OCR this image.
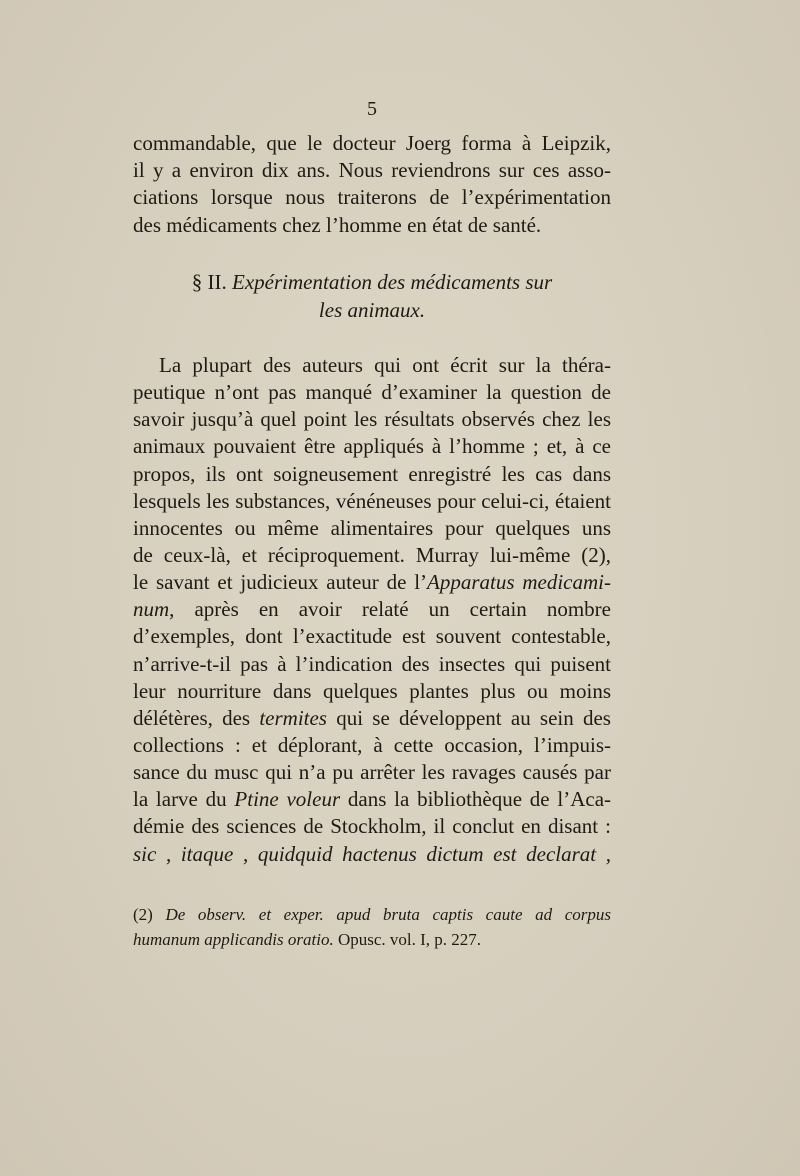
5
commandable, que le docteur Joerg forma à Leipzik,
il y a environ dix ans. Nous reviendrons sur ces asso-
ciations lorsque nous traiterons de l’expérimentation
des médicaments chez l’homme en état de santé.
§ II. Expérimentation des médicaments sur
les animaux.
La plupart des auteurs qui ont écrit sur la théra-
peutique n’ont pas manqué d’examiner la question de
savoir jusqu’à quel point les résultats observés chez les
animaux pouvaient être appliqués à l’homme ; et, à ce
propos, ils ont soigneusement enregistré les cas dans
lesquels les substances, vénéneuses pour celui-ci, étaient
innocentes ou même alimentaires pour quelques uns
de ceux-là, et réciproquement. Murray lui-même (2),
le savant et judicieux auteur de l’Apparatus medicami-
num, après en avoir relaté un certain nombre
d’exemples, dont l’exactitude est souvent contestable,
n’arrive-t-il pas à l’indication des insectes qui puisent
leur nourriture dans quelques plantes plus ou moins
délétères, des termites qui se développent au sein des
collections : et déplorant, à cette occasion, l’impuis-
sance du musc qui n’a pu arrêter les ravages causés par
la larve du Ptine voleur dans la bibliothèque de l’Aca-
démie des sciences de Stockholm, il conclut en disant :
sic , itaque , quidquid hactenus dictum est declarat ,
(2) De observ. et exper. apud bruta captis caute ad corpus
humanum applicandis oratio. Opusc. vol. I, p. 227.
